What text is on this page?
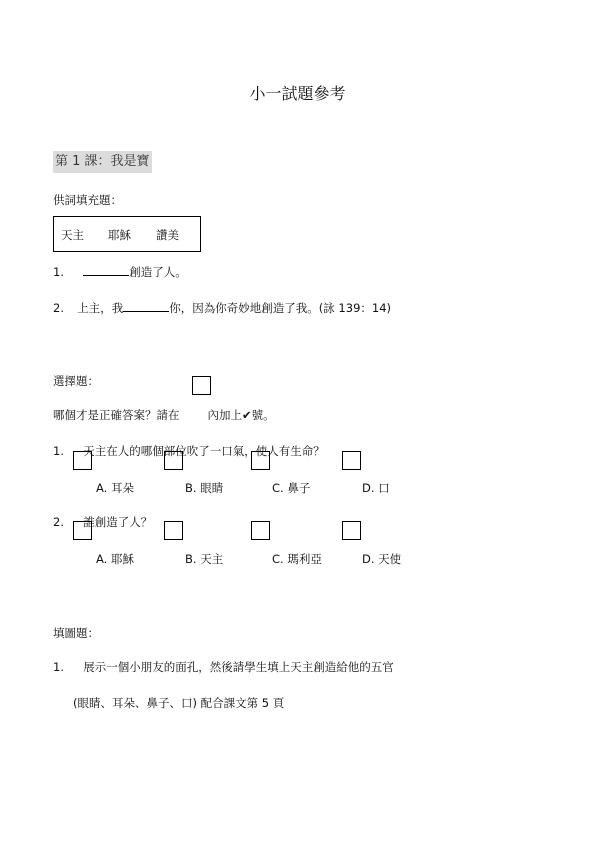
小一試題參考
第 1 課：我是寶
供詞填充題：
天主 耶穌 讚美
1.	創造了人。
2. 上主，我	你，因為你奇妙地創造了我。(詠 139：14)
選擇題：
哪個才是正確答案？請在 內加上✔號。
1. 天主在人的哪個部位吹了一口氣，使人有生命？
A. 耳朵	B. 眼睛	C. 鼻子	D. 口
2. 誰創造了人？
A. 耶穌	B. 天主	C. 瑪利亞	D. 天使
填圖題：
1. 展示一個小朋友的面孔，然後請學生填上天主創造給他的五官
(眼睛、耳朵、鼻子、口) 配合課文第 5 頁
